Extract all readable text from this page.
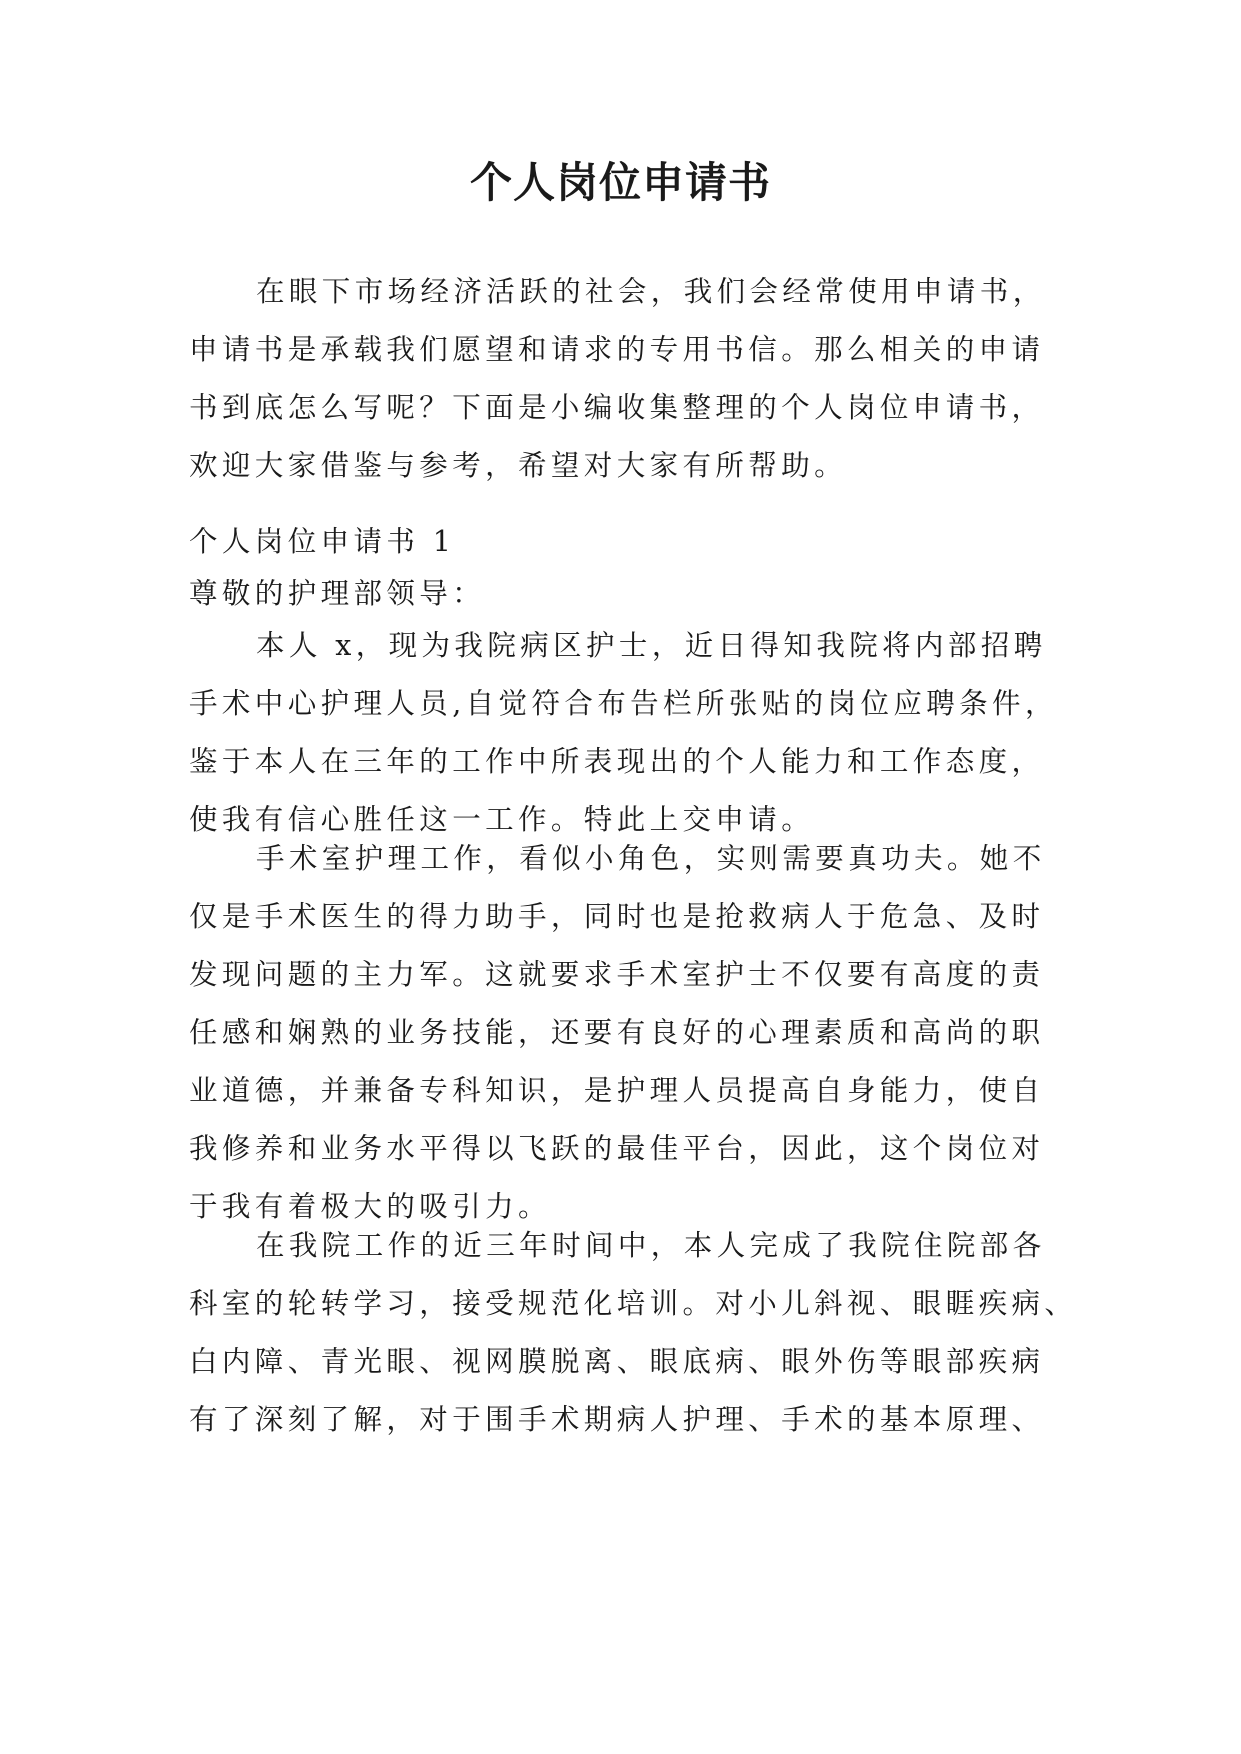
个人岗位申请书
在眼下市场经济活跃的社会，我们会经常使用申请书，
申请书是承载我们愿望和请求的专用书信。那么相关的申请
书到底怎么写呢？下面是小编收集整理的个人岗位申请书，
欢迎大家借鉴与参考，希望对大家有所帮助。
个人岗位申请书 1
尊敬的护理部领导：
本人 x，现为我院病区护士，近日得知我院将内部招聘
手术中心护理人员,自觉符合布告栏所张贴的岗位应聘条件，
鉴于本人在三年的工作中所表现出的个人能力和工作态度，
使我有信心胜任这一工作。特此上交申请。
手术室护理工作，看似小角色，实则需要真功夫。她不
仅是手术医生的得力助手，同时也是抢救病人于危急、及时
发现问题的主力军。这就要求手术室护士不仅要有高度的责
任感和娴熟的业务技能，还要有良好的心理素质和高尚的职
业道德，并兼备专科知识，是护理人员提高自身能力，使自
我修养和业务水平得以飞跃的最佳平台，因此，这个岗位对
于我有着极大的吸引力。
在我院工作的近三年时间中，本人完成了我院住院部各
科室的轮转学习，接受规范化培训。对小儿斜视、眼睚疾病、
白内障、青光眼、视网膜脱离、眼底病、眼外伤等眼部疾病
有了深刻了解，对于围手术期病人护理、手术的基本原理、
